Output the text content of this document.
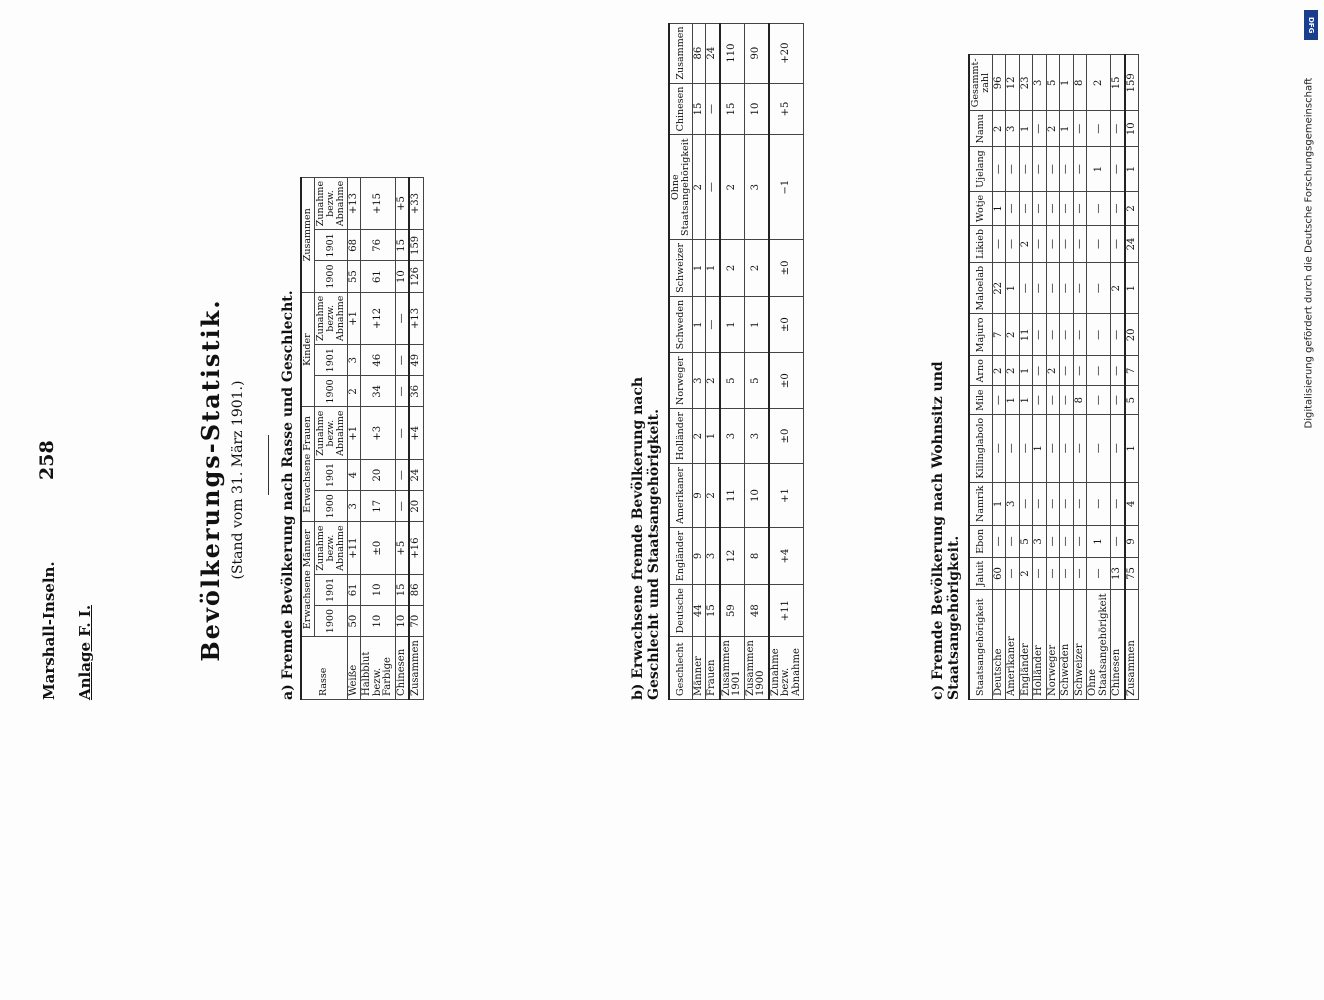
Marshall-Inseln.
258
Anlage F. I.	Bevölkerungs-Statistik. (Stand vom 31. März 1901.) a) Fremde Bevölkerung nach Rasse und Geschlecht. Rasse	Erwachsene Männer			Erwachsene Frauen			Kinder			Zusammen		
	1900	1901	Zunahme bezw. Abnahme	1900	1901	Zunahme bezw. Abnahme	1900	1901	Zunahme bezw. Abnahme	1900	1901	Zunahme bezw. Abnahme
Weiße	50	61	+11	3	4	+1	2	3	+1	55	68	+13
Halbblut bezw. Farbige	10	10	±0	17	20	+3	34	46	+12	61	76	+15
Chinesen	10	15	+5	—	—	—	—	—	—	10	15	+5
Zusammen	70	86	+16	20	24	+4	36	49	+13	126	159	+33
b) Erwachsene fremde Bevölkerung nach Geschlecht und Staatsangehörigkeit. Geschlecht	Deutsche	Engländer	Amerikaner	Holländer	Norweger	Schweden	Schweizer	Ohne Staatsangehörigkeit	Chinesen	Zusammen
Männer	44	9	9	2	3	1	1	2	15	86
Frauen	15	3	2	1	2	—	1	—	—	24
Zusammen 1901	59	12	11	3	5	1	2	2	15	110
Zusammen 1900	48	8	10	3	5	1	2	3	10	90
Zunahme bezw. Abnahme	+11	+4	+1	±0	±0	±0	±0	−1	+5	+20
c) Fremde Bevölkerung nach Wohnsitz und Staatsangehörigkeit. Staatsangehörigkeit	Jaluit	Ebon	Namrik	Killinglabolo	Mile	Arno	Majuro	Maloelab	Likieb	Wotje	Ujelang	Namu	Gesammt-zahl
Deutsche	60	—	1	—	—	2	7	22	—	1	—	2	96
Amerikaner	—	—	3	—	1	2	2	1	—	—	—	3	12
Engländer	2	5	—	—	1	1	11	—	2	—	—	1	23
Holländer	—	3	—	1	—	—	—	—	—	—	—	—	3
Norweger	—	—	—	—	—	2	—	—	—	—	—	2	5
Schweden	—	—	—	—	—	—	—	—	—	—	—	1	1
Schweizer	—	—	—	—	8	—	—	—	—	—	—	—	8
Ohne Staatsangehörigkeit	—	1	—	—	—	—	—	—	—	—	1	—	2
Chinesen	13	—	—	—	—	—	—	2	—	—	—	—	15
Zusammen	75	9	4	1	5	7	20	1	24	2	1	10	159
DFG
Digitalisierung gefördert durch die Deutsche Forschungsgemeinschaft
